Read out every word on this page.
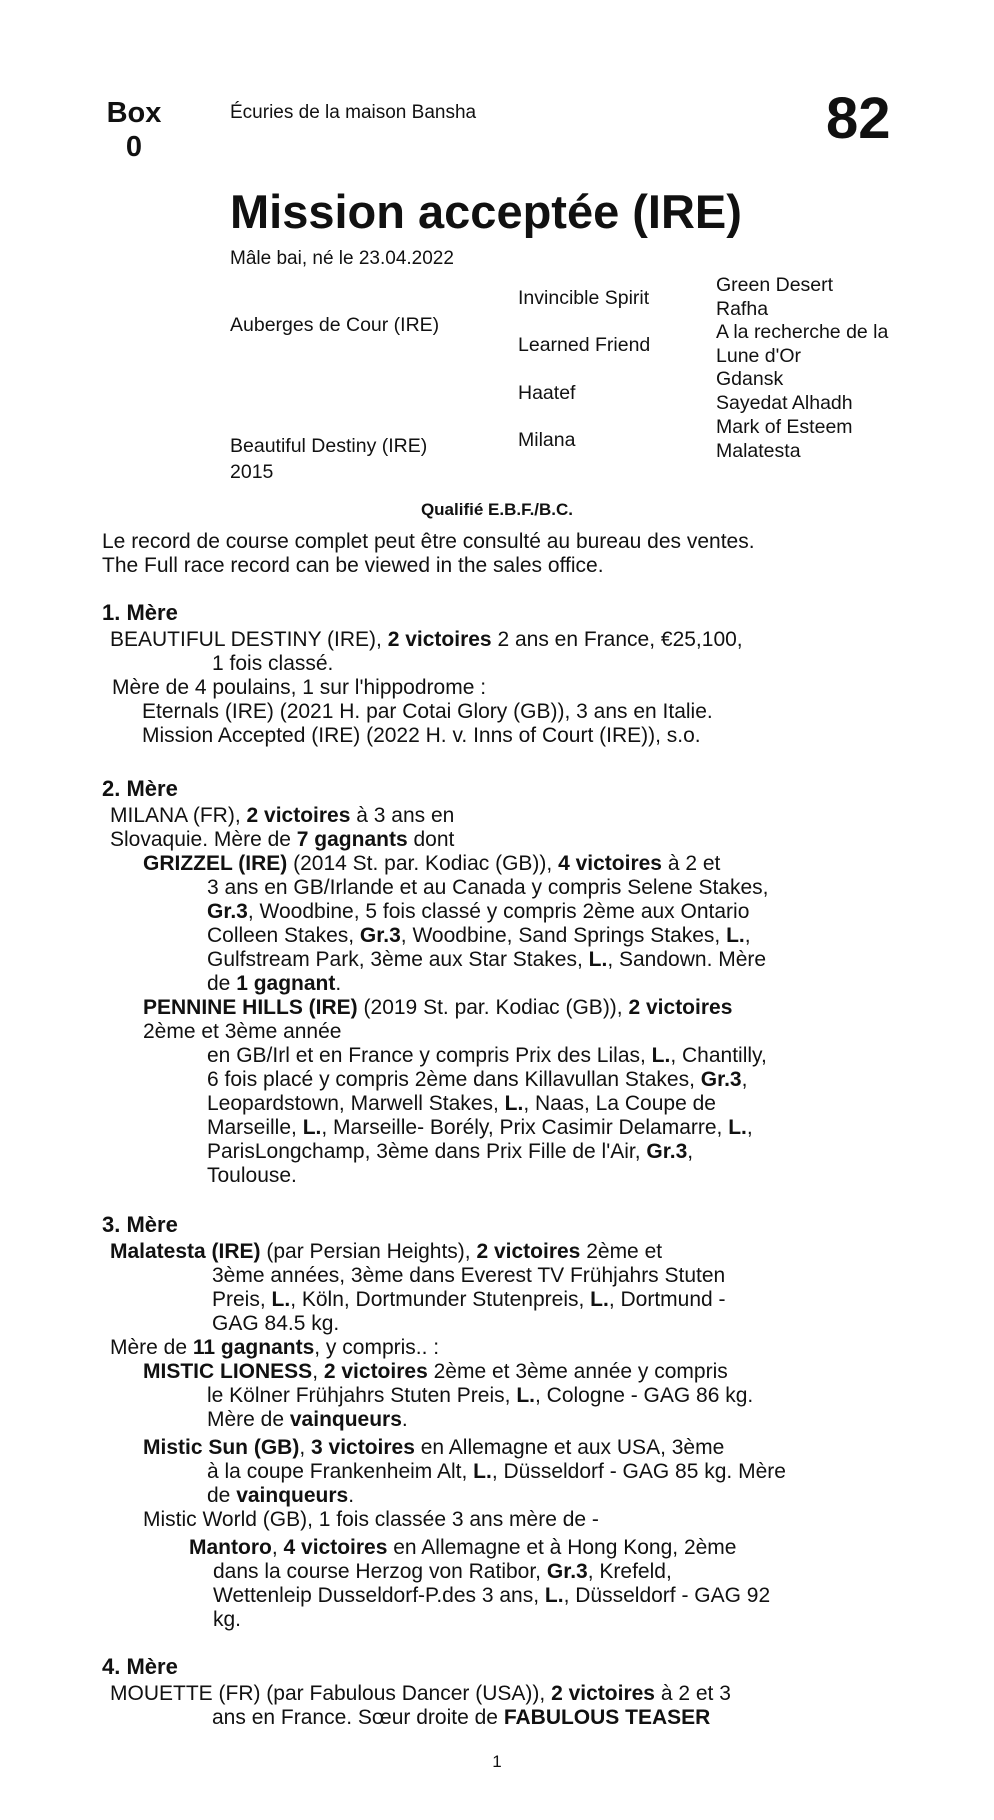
Box
0
Écuries de la maison Bansha	82
Mission acceptée (IRE)
Mâle bai, né le 23.04.2022
Auberges de Cour (IRE)
Beautiful Destiny (IRE)
2015
Invincible Spirit
Learned Friend
Haatef
Milana
Green Desert
Rafha
A la recherche de la Lune d'Or
Gdansk
Sayedat Alhadh
Mark of Esteem
Malatesta
Qualifié E.B.F./B.C.
Le record de course complet peut être consulté au bureau des ventes.
The Full race record can be viewed in the sales office.
1. Mère
BEAUTIFUL DESTINY (IRE), 2 victoires 2 ans en France, €25,100,
1 fois classé.
Mère de 4 poulains, 1 sur l'hippodrome :
Eternals (IRE) (2021 H. par Cotai Glory (GB)), 3 ans en Italie.
Mission Accepted (IRE) (2022 H. v. Inns of Court (IRE)), s.o.
2. Mère
MILANA (FR), 2 victoires à 3 ans en
Slovaquie. Mère de 7 gagnants dont
GRIZZEL (IRE) (2014 St. par. Kodiac (GB)), 4 victoires à 2 et
3 ans en GB/Irlande et au Canada y compris Selene Stakes,
Gr.3, Woodbine, 5 fois classé y compris 2ème aux Ontario
Colleen Stakes, Gr.3, Woodbine, Sand Springs Stakes, L.,
Gulfstream Park, 3ème aux Star Stakes, L., Sandown. Mère
de 1 gagnant.
PENNINE HILLS (IRE) (2019 St. par. Kodiac (GB)), 2 victoires
2ème et 3ème année
en GB/Irl et en France y compris Prix des Lilas, L., Chantilly,
6 fois placé y compris 2ème dans Killavullan Stakes, Gr.3,
Leopardstown, Marwell Stakes, L., Naas, La Coupe de
Marseille, L., Marseille- Borély, Prix Casimir Delamarre, L.,
ParisLongchamp, 3ème dans Prix Fille de l'Air, Gr.3,
Toulouse.
3. Mère
Malatesta (IRE) (par Persian Heights), 2 victoires 2ème et
3ème années, 3ème dans Everest TV Frühjahrs Stuten
Preis, L., Köln, Dortmunder Stutenpreis, L., Dortmund -
GAG 84.5 kg.
Mère de 11 gagnants, y compris.. :
MISTIC LIONESS, 2 victoires 2ème et 3ème année y compris
le Kölner Frühjahrs Stuten Preis, L., Cologne - GAG 86 kg.
Mère de vainqueurs.
Mistic Sun (GB), 3 victoires en Allemagne et aux USA, 3ème
à la coupe Frankenheim Alt, L., Düsseldorf - GAG 85 kg. Mère
de vainqueurs.
Mistic World (GB), 1 fois classée 3 ans mère de -
Mantoro, 4 victoires en Allemagne et à Hong Kong, 2ème
dans la course Herzog von Ratibor, Gr.3, Krefeld,
Wettenleip Dusseldorf-P.des 3 ans, L., Düsseldorf - GAG 92
kg.
4. Mère
MOUETTE (FR) (par Fabulous Dancer (USA)), 2 victoires à 2 et 3
ans en France. Sœur droite de FABULOUS TEASER
1
